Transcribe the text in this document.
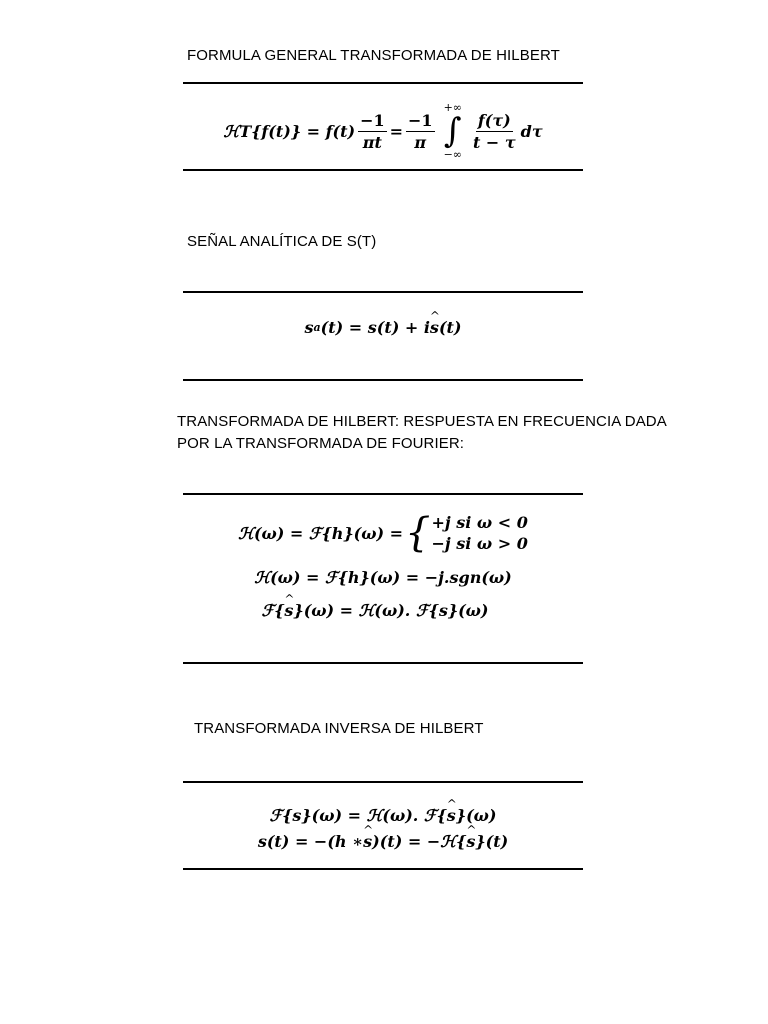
FORMULA GENERAL TRANSFORMADA DE HILBERT
ℋT{f(t)} = $f(t) \frac{-1}{\pi t} = \frac{-1}{\pi}$
+∞
∫
−∞
$\frac{f(\tau)}{t - \tau}$ dτ
SEÑAL ANALÍTICA DE S(T)
s a (t) = s(t) + i ^ s (t)
TRANSFORMADA DE HILBERT: RESPUESTA EN FRECUENCIA DADA
POR LA TRANSFORMADA DE FOURIER:
ℋ(ω) = ℱ{h}(ω) = { +j si ω < 0
−j si ω > 0
ℋ(ω) = ℱ{h}(ω) = −j.sgn(ω)
ℱ{ ^ s }(ω) = ℋ(ω). ℱ{s}(ω)
TRANSFORMADA INVERSA DE HILBERT
ℱ{s}(ω) = ℋ(ω). ℱ{ ^ s }(ω)
s(t) = −(h ∗ ^ s )(t) = −ℋ{ ^ s }(t)
